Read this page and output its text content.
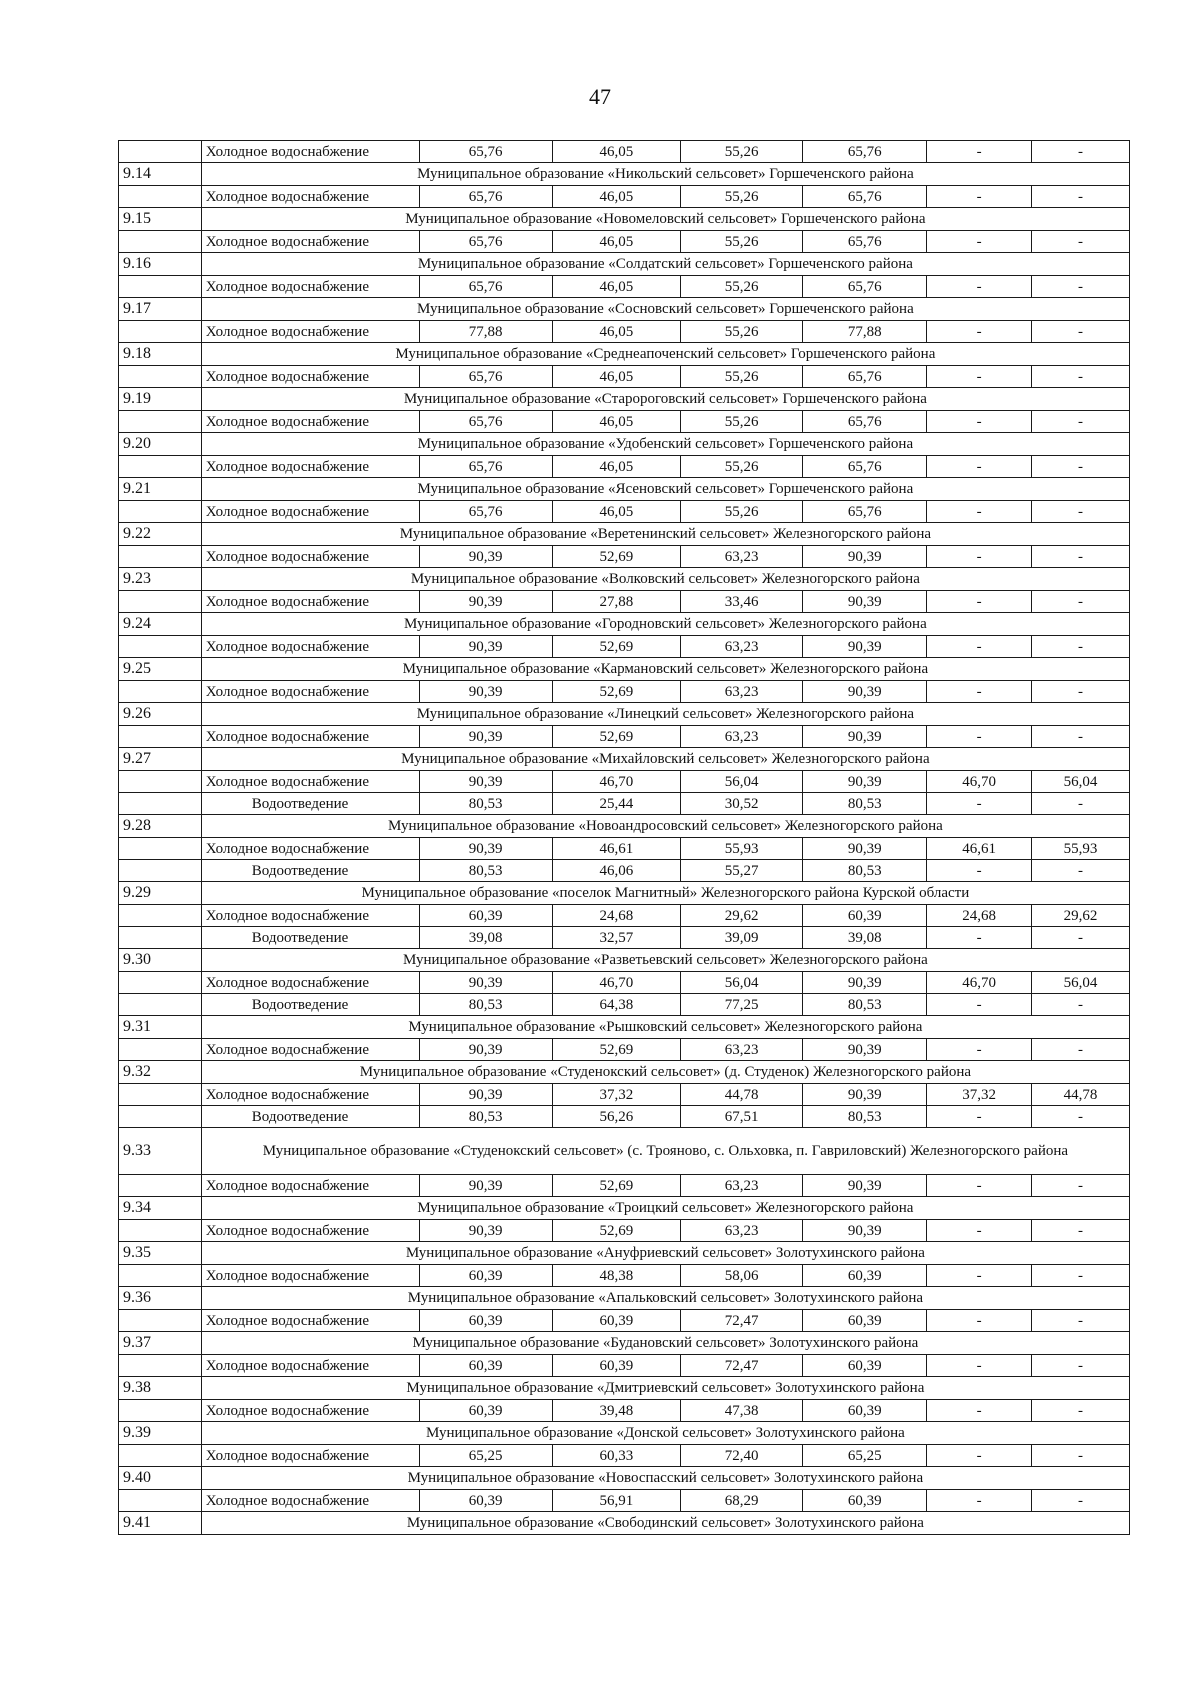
47
	Холодное водоснабжение	65,76	46,05	55,26	65,76	-	-
9.14	Муниципальное образование «Никольский сельсовет» Горшеченского района						
	Холодное водоснабжение	65,76	46,05	55,26	65,76	-	-
9.15	Муниципальное образование «Новомеловский сельсовет» Горшеченского района						
	Холодное водоснабжение	65,76	46,05	55,26	65,76	-	-
9.16	Муниципальное образование «Солдатский сельсовет» Горшеченского района						
	Холодное водоснабжение	65,76	46,05	55,26	65,76	-	-
9.17	Муниципальное образование «Сосновский сельсовет» Горшеченского района						
	Холодное водоснабжение	77,88	46,05	55,26	77,88	-	-
9.18	Муниципальное образование «Среднеапоченский сельсовет» Горшеченского района						
	Холодное водоснабжение	65,76	46,05	55,26	65,76	-	-
9.19	Муниципальное образование «Старороговский сельсовет» Горшеченского района						
	Холодное водоснабжение	65,76	46,05	55,26	65,76	-	-
9.20	Муниципальное образование «Удобенский сельсовет» Горшеченского района						
	Холодное водоснабжение	65,76	46,05	55,26	65,76	-	-
9.21	Муниципальное образование «Ясеновский сельсовет» Горшеченского района						
	Холодное водоснабжение	65,76	46,05	55,26	65,76	-	-
9.22	Муниципальное образование «Веретенинский сельсовет» Железногорского района						
	Холодное водоснабжение	90,39	52,69	63,23	90,39	-	-
9.23	Муниципальное образование «Волковский сельсовет» Железногорского района						
	Холодное водоснабжение	90,39	27,88	33,46	90,39	-	-
9.24	Муниципальное образование «Городновский сельсовет» Железногорского района						
	Холодное водоснабжение	90,39	52,69	63,23	90,39	-	-
9.25	Муниципальное образование «Кармановский сельсовет» Железногорского района						
	Холодное водоснабжение	90,39	52,69	63,23	90,39	-	-
9.26	Муниципальное образование «Линецкий сельсовет» Железногорского района						
	Холодное водоснабжение	90,39	52,69	63,23	90,39	-	-
9.27	Муниципальное образование «Михайловский сельсовет» Железногорского района						
	Холодное водоснабжение	90,39	46,70	56,04	90,39	46,70	56,04
	Водоотведение	80,53	25,44	30,52	80,53	-	-
9.28	Муниципальное образование «Новоандросовский сельсовет» Железногорского района						
	Холодное водоснабжение	90,39	46,61	55,93	90,39	46,61	55,93
	Водоотведение	80,53	46,06	55,27	80,53	-	-
9.29	Муниципальное образование «поселок Магнитный» Железногорского района Курской области						
	Холодное водоснабжение	60,39	24,68	29,62	60,39	24,68	29,62
	Водоотведение	39,08	32,57	39,09	39,08	-	-
9.30	Муниципальное образование «Разветьевский сельсовет» Железногорского района						
	Холодное водоснабжение	90,39	46,70	56,04	90,39	46,70	56,04
	Водоотведение	80,53	64,38	77,25	80,53	-	-
9.31	Муниципальное образование «Рышковский сельсовет» Железногорского района						
	Холодное водоснабжение	90,39	52,69	63,23	90,39	-	-
9.32	Муниципальное образование «Студенокский сельсовет» (д. Студенок) Железногорского района						
	Холодное водоснабжение	90,39	37,32	44,78	90,39	37,32	44,78
	Водоотведение	80,53	56,26	67,51	80,53	-	-
9.33	Муниципальное образование «Студенокский сельсовет» (с. Трояново, с. Ольховка, п. Гавриловский) Железногорского района						
	Холодное водоснабжение	90,39	52,69	63,23	90,39	-	-
9.34	Муниципальное образование «Троицкий сельсовет» Железногорского района						
	Холодное водоснабжение	90,39	52,69	63,23	90,39	-	-
9.35	Муниципальное образование «Ануфриевский сельсовет» Золотухинского района						
	Холодное водоснабжение	60,39	48,38	58,06	60,39	-	-
9.36	Муниципальное образование «Апальковский сельсовет» Золотухинского района						
	Холодное водоснабжение	60,39	60,39	72,47	60,39	-	-
9.37	Муниципальное образование «Будановский сельсовет» Золотухинского района						
	Холодное водоснабжение	60,39	60,39	72,47	60,39	-	-
9.38	Муниципальное образование «Дмитриевский сельсовет» Золотухинского района						
	Холодное водоснабжение	60,39	39,48	47,38	60,39	-	-
9.39	Муниципальное образование «Донской сельсовет» Золотухинского района						
	Холодное водоснабжение	65,25	60,33	72,40	65,25	-	-
9.40	Муниципальное образование «Новоспасский сельсовет» Золотухинского района						
	Холодное водоснабжение	60,39	56,91	68,29	60,39	-	-
9.41	Муниципальное образование «Свободинский сельсовет» Золотухинского района						
